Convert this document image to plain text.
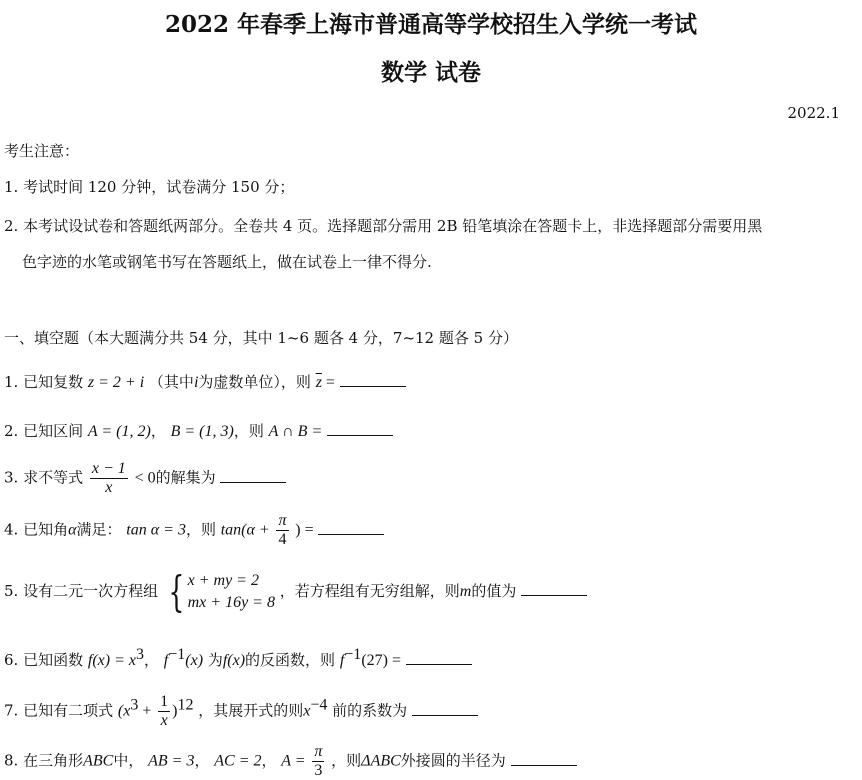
2022 年春季上海市普通高等学校招生入学统一考试
数学 试卷
2022.1
考生注意：
1. 考试时间 120 分钟，试卷满分 150 分；
2. 本考试设试卷和答题纸两部分。全卷共 4 页。选择题部分需用 2B 铅笔填涂在答题卡上，非选择题部分需要用黑
色字迹的水笔或钢笔书写在答题纸上，做在试卷上一律不得分.
一、填空题（本大题满分共 54 分，其中 1~6 题各 4 分，7~12 题各 5 分）
1. 已知复数 z = 2 + i （其中i为虚数单位），则 $\overline{z}$ =
2. 已知区间 A = (1, 2)， B = (1, 3)，则 A ∩ B =
3. 求不等式 $\frac{x - 1}{x} < 0$的解集为
4. 已知角α满足： tan α = 3，则 $\tan(\alpha + \frac{\pi}{4}$ ) =
5. 设有二元一次方程组 { x + my = 2
mx + 16y = 8
，若方程组有无穷组解，则m的值为
6. 已知函数 $f(x) = x^3$， $f^{-1}(x)$ 为f(x)的反函数，则 $f^{-1}(27)$ =
7. 已知有二项式 $(x^3 + \frac{1}{x} )^{12}$ ，其展开式的则$x^{-4}$ 前的系数为
8. 在三角形ABC中， AB = 3， AC = 2， $A = \frac{\pi}{3}$ ，则ΔABC外接圆的半径为
